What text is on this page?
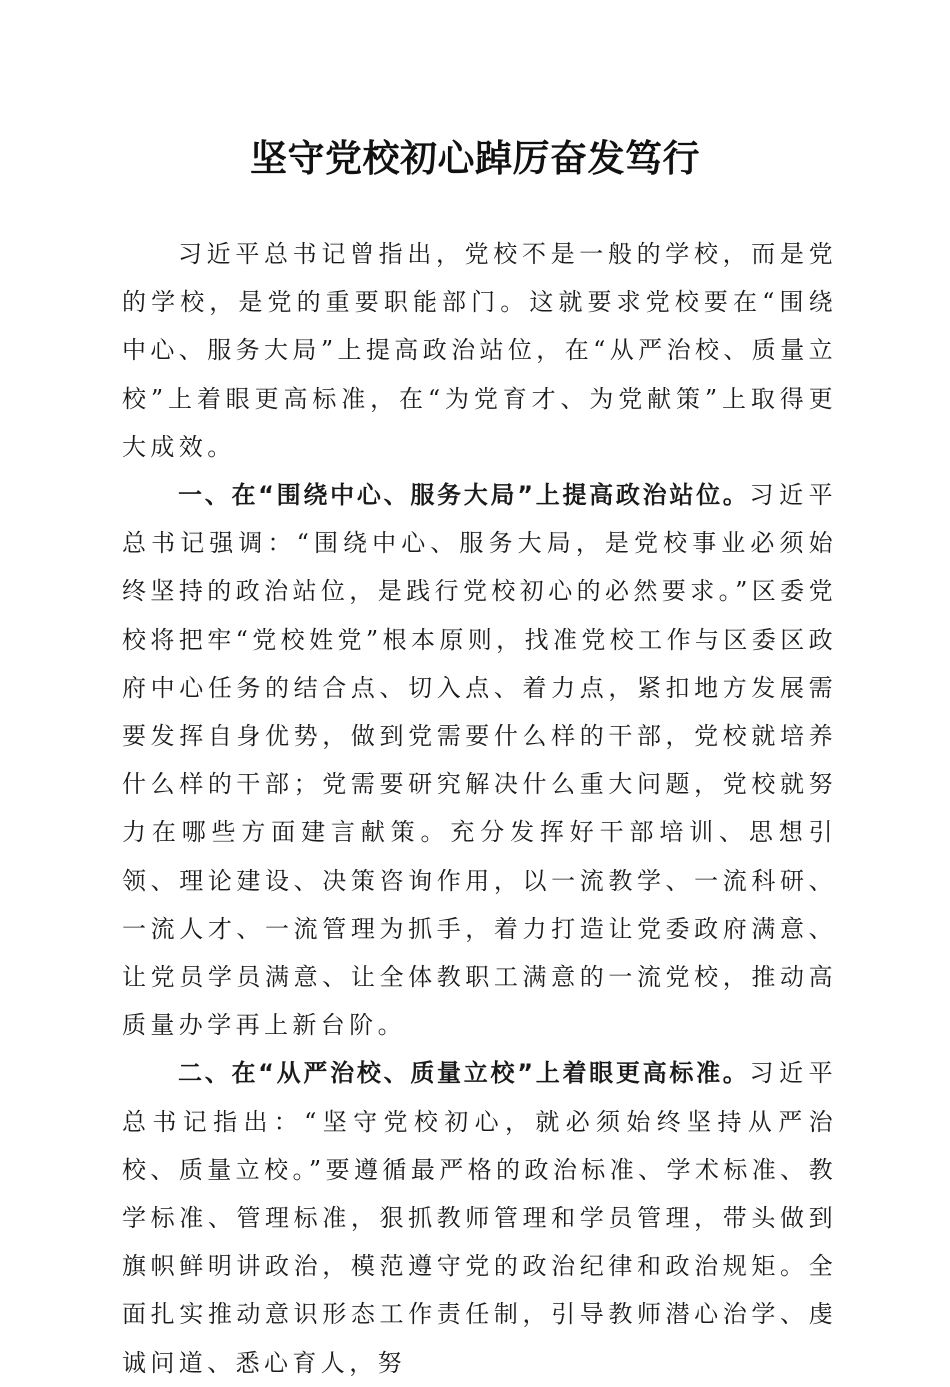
坚守党校初心踔厉奋发笃行

习近平总书记曾指出，党校不是一般的学校，而是党的学校，是党的重要职能部门。这就要求党校要在“围绕中心、服务大局”上提高政治站位，在“从严治校、质量立校”上着眼更高标准，在“为党育才、为党献策”上取得更大成效。

一、在“围绕中心、服务大局”上提高政治站位。习近平总书记强调：“围绕中心、服务大局，是党校事业必须始终坚持的政治站位，是践行党校初心的必然要求。”区委党校将把牢“党校姓党”根本原则，找准党校工作与区委区政府中心任务的结合点、切入点、着力点，紧扣地方发展需要发挥自身优势，做到党需要什么样的干部，党校就培养什么样的干部；党需要研究解决什么重大问题，党校就努力在哪些方面建言献策。充分发挥好干部培训、思想引领、理论建设、决策咨询作用，以一流教学、一流科研、一流人才、一流管理为抓手，着力打造让党委政府满意、让党员学员满意、让全体教职工满意的一流党校，推动高质量办学再上新台阶。

二、在“从严治校、质量立校”上着眼更高标准。习近平总书记指出：“坚守党校初心，就必须始终坚持从严治校、质量立校。”要遵循最严格的政治标准、学术标准、教学标准、管理标准，狠抓教师管理和学员管理，带头做到旗帜鲜明讲政治，模范遵守党的政治纪律和政治规矩。全面扎实推动意识形态工作责任制，引导教师潜心治学、虔诚问道、悉心育人，努
